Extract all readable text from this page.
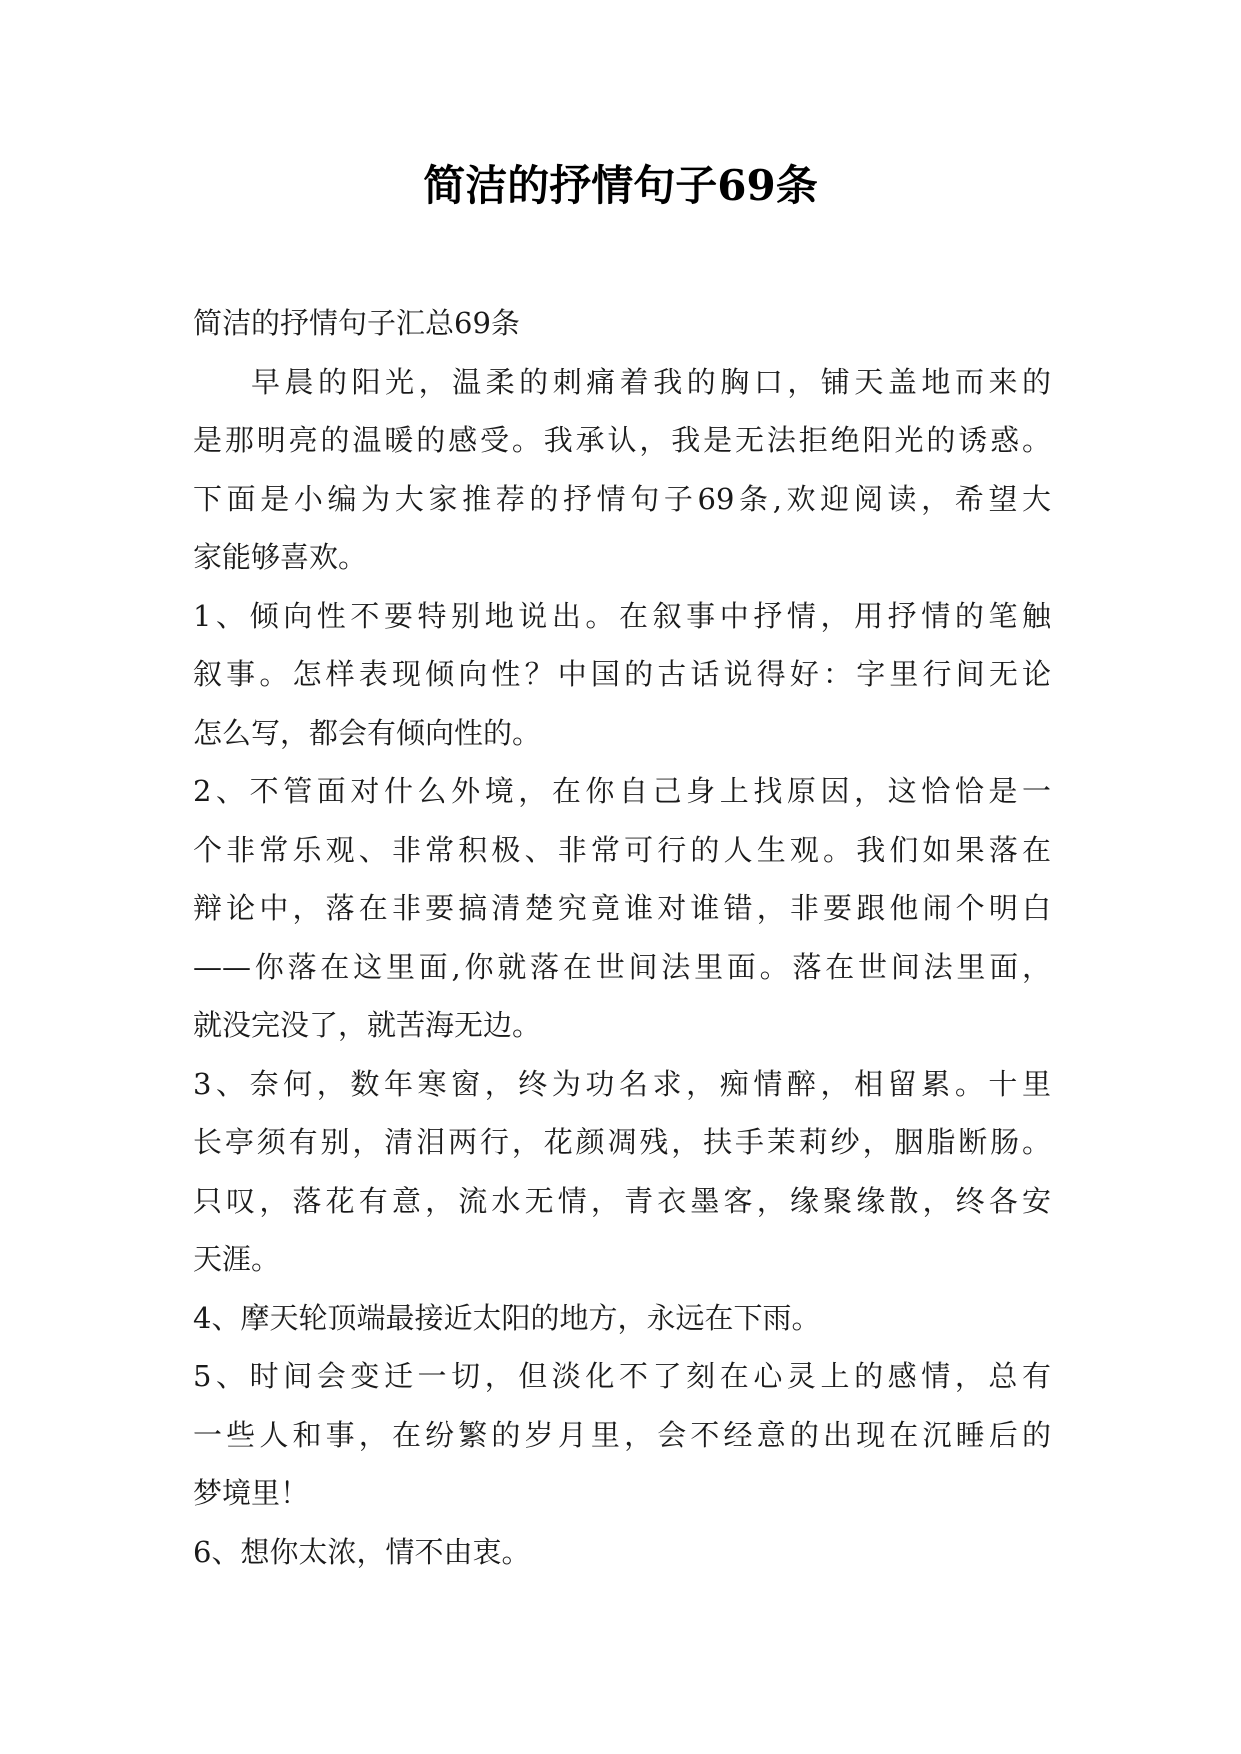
简洁的抒情句子69条
简洁的抒情句子汇总69条
早晨的阳光，温柔的刺痛着我的胸口，铺天盖地而来的
是那明亮的温暖的感受。我承认，我是无法拒绝阳光的诱惑。
下面是小编为大家推荐的抒情句子69条,欢迎阅读，希望大
家能够喜欢。
1、倾向性不要特别地说出。在叙事中抒情，用抒情的笔触
叙事。怎样表现倾向性？中国的古话说得好：字里行间无论
怎么写，都会有倾向性的。
2、不管面对什么外境，在你自己身上找原因，这恰恰是一
个非常乐观、非常积极、非常可行的人生观。我们如果落在
辩论中，落在非要搞清楚究竟谁对谁错，非要跟他闹个明白
——你落在这里面,你就落在世间法里面。落在世间法里面，
就没完没了，就苦海无边。
3、奈何，数年寒窗，终为功名求，痴情醉，相留累。十里
长亭须有别，清泪两行，花颜凋残，扶手茉莉纱，胭脂断肠。
只叹，落花有意，流水无情，青衣墨客，缘聚缘散，终各安
天涯。
4、摩天轮顶端最接近太阳的地方，永远在下雨。
5、时间会变迁一切，但淡化不了刻在心灵上的感情，总有
一些人和事，在纷繁的岁月里，会不经意的出现在沉睡后的
梦境里！
6、想你太浓，情不由衷。
